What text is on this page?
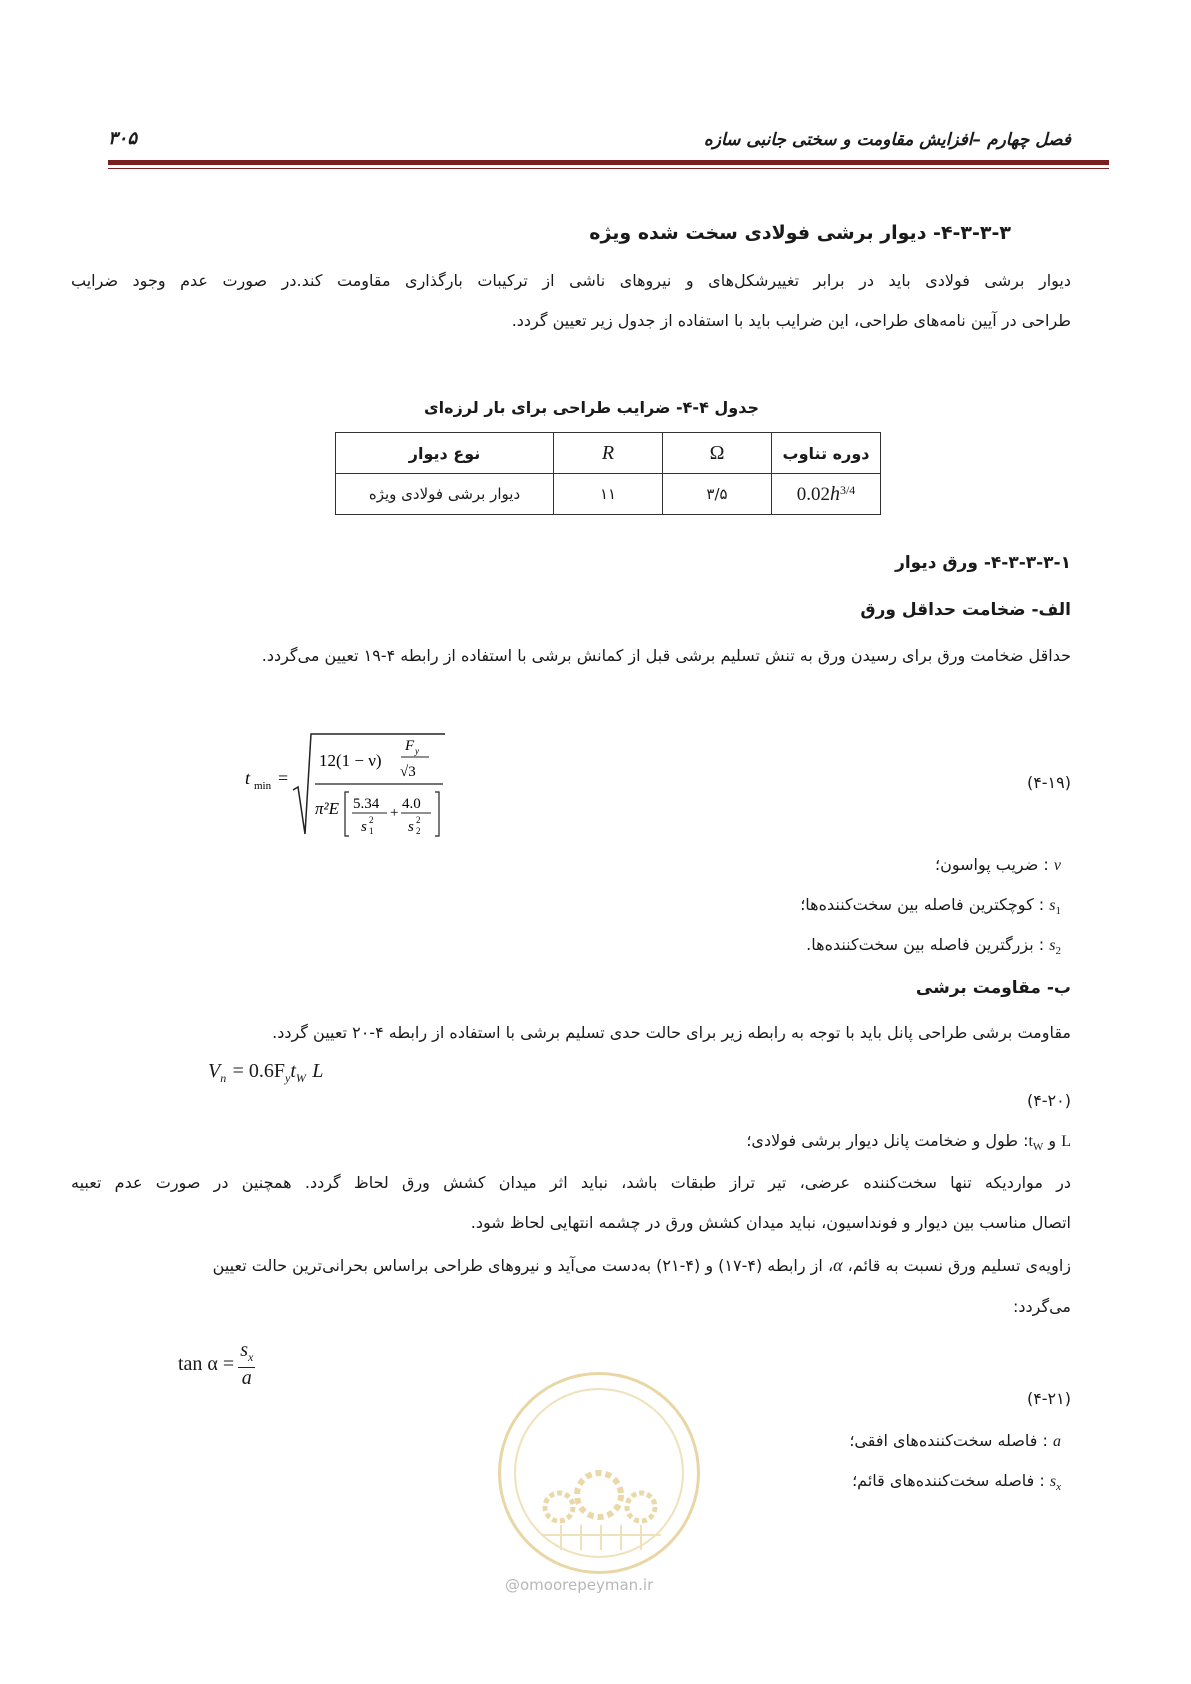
فصل چهارم –افزایش مقاومت و سختی جانبی سازه
۳۰۵
۴-۳-۳-۳- دیوار برشی فولادی سخت شده ویژه
دیوار برشی فولادی باید در برابر تغییرشکل‌های و نیروهای ناشی از ترکیبات بارگذاری مقاومت کند.در صورت عدم وجود ضرایب
طراحی در آیین نامه‌های طراحی، این ضرایب باید با استفاده از جدول زیر تعیین گردد.
جدول ۴-۴- ضرایب طراحی برای بار لرزه‌ای
دوره تناوب	Ω	R	نوع دیوار
$0.02h^{3/4}$	۳/۵	۱۱	دیوار برشی فولادی ویژه
۴-۳-۳-۳-۱- ورق دیوار
الف- ضخامت حداقل ورق
حداقل ضخامت ورق برای رسیدن ورق به تنش تسلیم برشی قبل از کمانش برشی با استفاده از رابطه ۴-۱۹ تعیین می‌گردد.
t min =
12(1 − ν)
F y
√3
π²E 5.34
s 1
2 +
4.0
s 2
2
(۴-۱۹)
ν : ضریب پواسون؛
$s_1$ : کوچکترین فاصله بین سخت‌کننده‌ها؛
$s_2$ : بزرگترین فاصله بین سخت‌کننده‌ها.
ب- مقاومت برشی
مقاومت برشی طراحی پانل باید با توجه به رابطه زیر برای حالت حدی تسلیم برشی با استفاده از رابطه ۴-۲۰ تعیین گردد.
$V_n = 0.6F_yt_W$ L
(۴-۲۰)
L و $t_W$: طول و ضخامت پانل دیوار برشی فولادی؛
در مواردیکه تنها سخت‌کننده عرضی، تیر تراز طبقات باشد، نباید اثر میدان کشش ورق لحاظ گردد. همچنین در صورت عدم تعبیه
اتصال مناسب بین دیوار و فونداسیون، نباید میدان کشش ورق در چشمه انتهایی لحاظ شود.
زاویه‌ی تسلیم ورق نسبت به قائم، α، از رابطه (۴-۱۷) و (۴-۲۱) به‌دست می‌آید و نیروهای طراحی براساس بحرانی‌ترین حالت تعیین
می‌گردد:
$\tan \alpha = \frac{s_x}{a}$
(۴-۲۱)
a : فاصله سخت‌کننده‌های افقی؛
$s_x$ : فاصله سخت‌کننده‌های قائم؛
@omoorepeyman.ir
